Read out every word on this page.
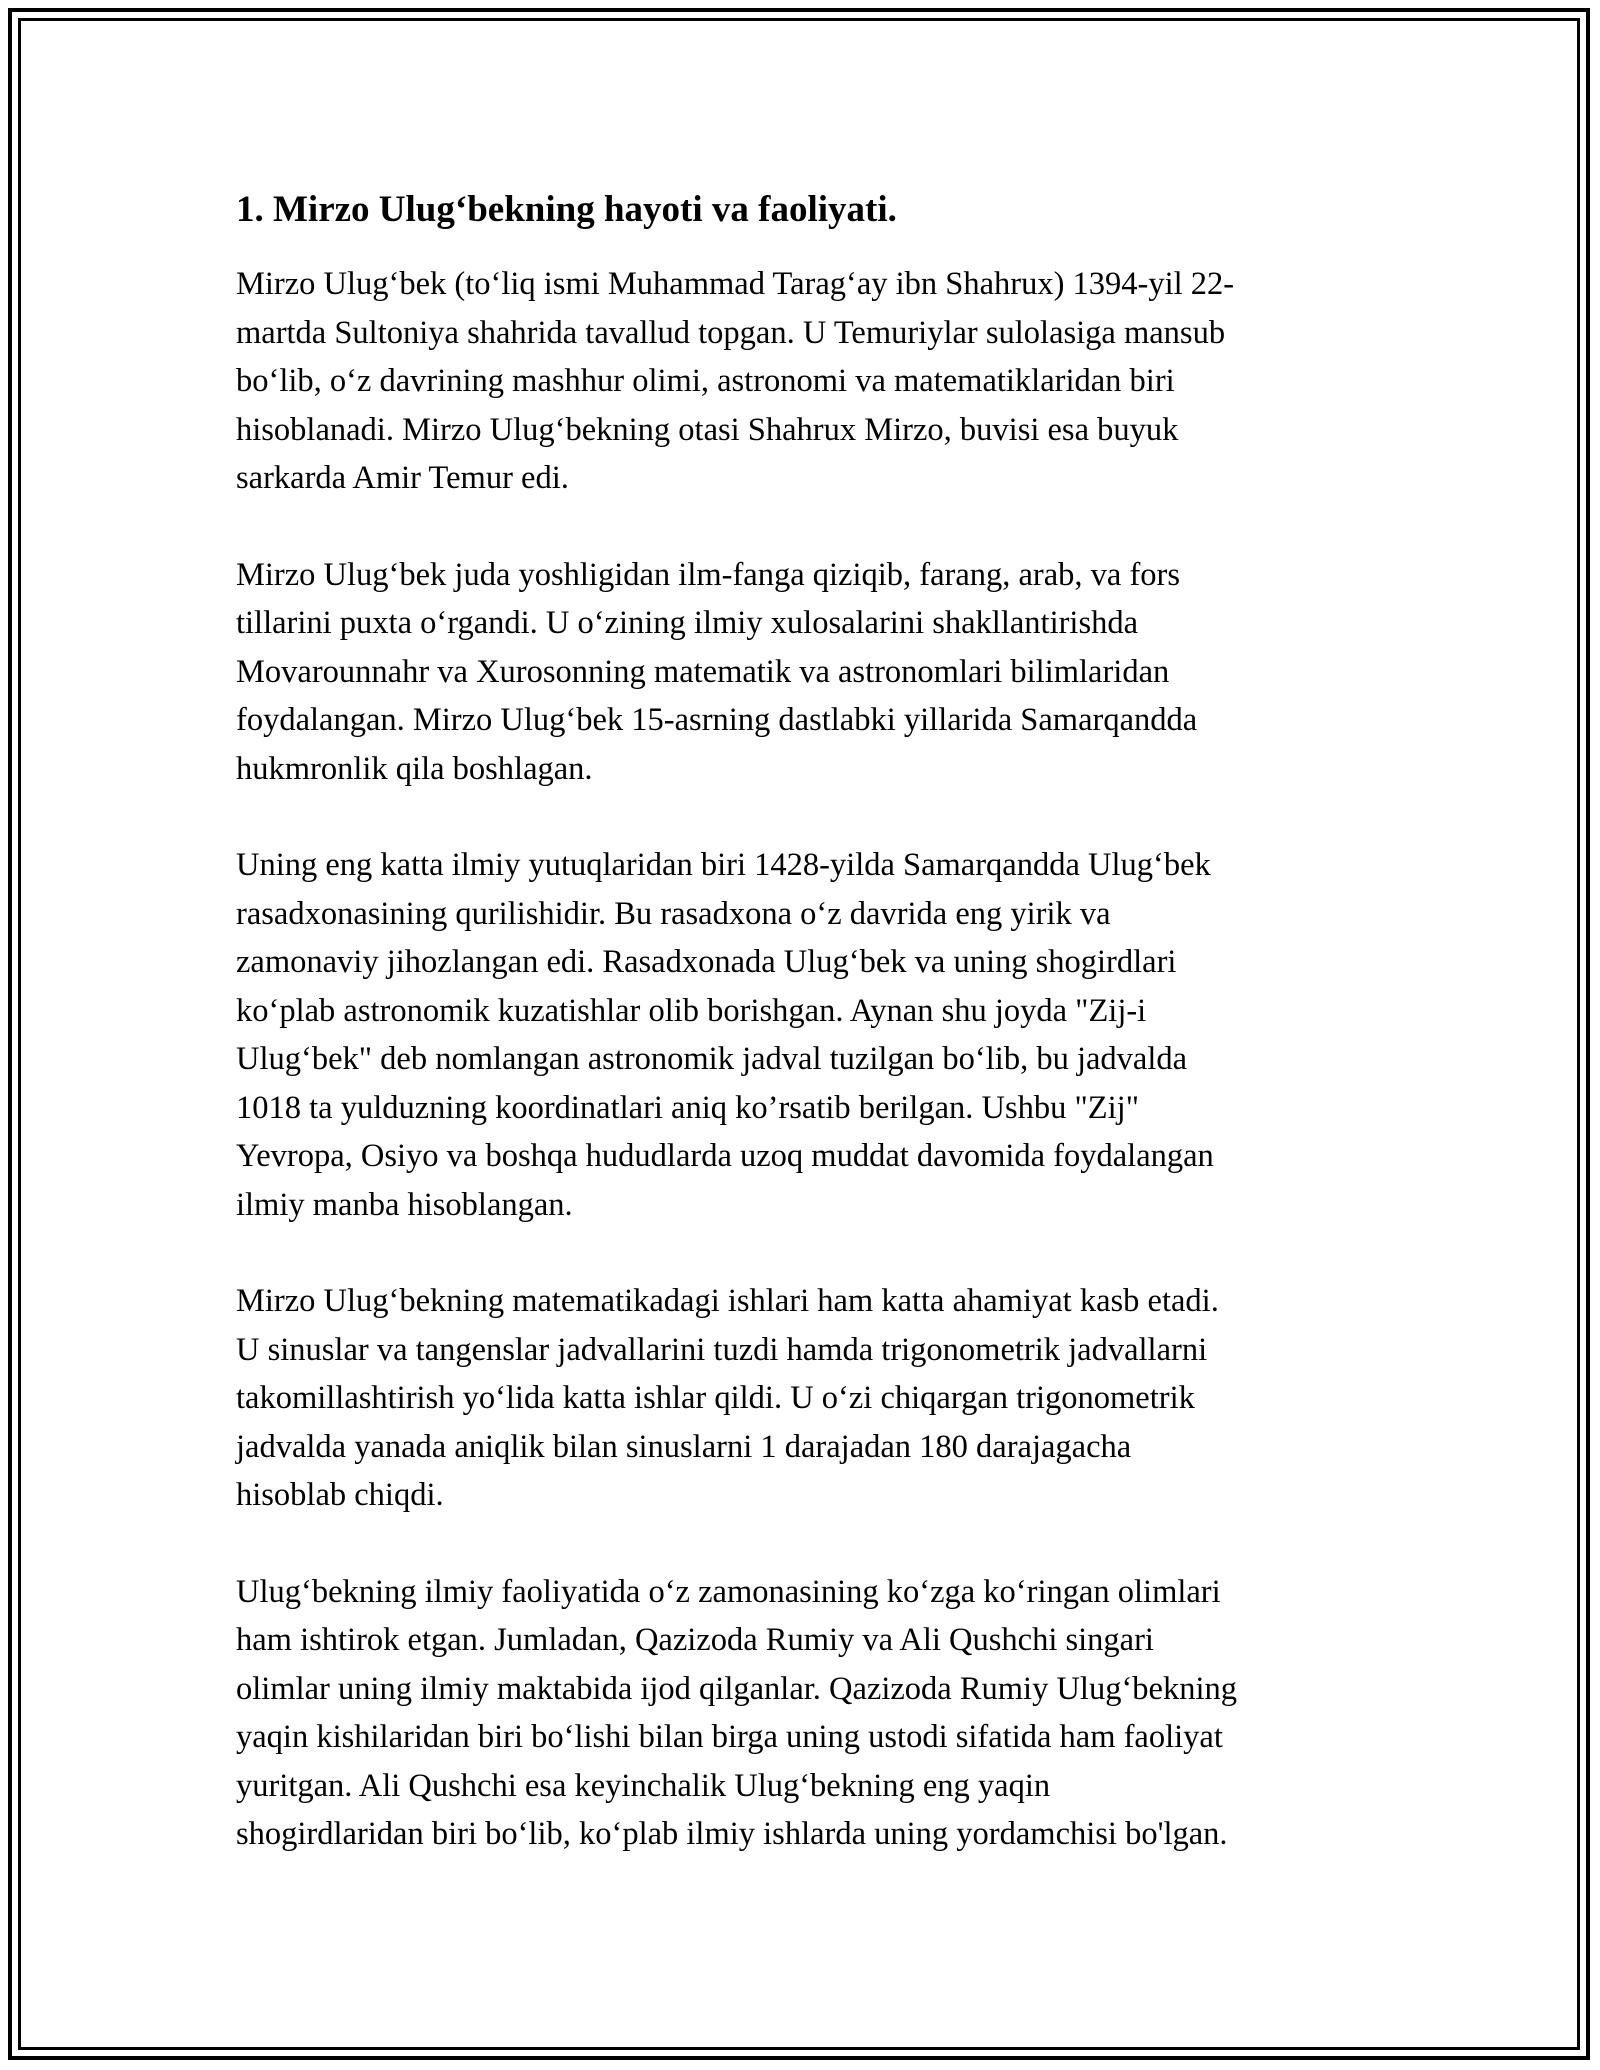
1. Mirzo Ulug‘bekning hayoti va faoliyati.

Mirzo Ulug‘bek (to‘liq ismi Muhammad Tarag‘ay ibn Shahrux) 1394-yil 22-
martda Sultoniya shahrida tavallud topgan. U Temuriylar sulolasiga mansub
bo‘lib, o‘z davrining mashhur olimi, astronomi va matematiklaridan biri
hisoblanadi. Mirzo Ulug‘bekning otasi Shahrux Mirzo, buvisi esa buyuk
sarkarda Amir Temur edi.

Mirzo Ulug‘bek juda yoshligidan ilm-fanga qiziqib, farang, arab, va fors
tillarini puxta o‘rgandi. U o‘zining ilmiy xulosalarini shakllantirishda
Movarounnahr va Xurosonning matematik va astronomlari bilimlaridan
foydalangan. Mirzo Ulug‘bek 15-asrning dastlabki yillarida Samarqandda
hukmronlik qila boshlagan.

Uning eng katta ilmiy yutuqlaridan biri 1428-yilda Samarqandda Ulug‘bek
rasadxonasining qurilishidir. Bu rasadxona o‘z davrida eng yirik va
zamonaviy jihozlangan edi. Rasadxonada Ulug‘bek va uning shogirdlari
ko‘plab astronomik kuzatishlar olib borishgan. Aynan shu joyda "Zij-i
Ulug‘bek" deb nomlangan astronomik jadval tuzilgan bo‘lib, bu jadvalda
1018 ta yulduzning koordinatlari aniq ko’rsatib berilgan. Ushbu "Zij"
Yevropa, Osiyo va boshqa hududlarda uzoq muddat davomida foydalangan
ilmiy manba hisoblangan.

Mirzo Ulug‘bekning matematikadagi ishlari ham katta ahamiyat kasb etadi.
U sinuslar va tangenslar jadvallarini tuzdi hamda trigonometrik jadvallarni
takomillashtirish yo‘lida katta ishlar qildi. U o‘zi chiqargan trigonometrik
jadvalda yanada aniqlik bilan sinuslarni 1 darajadan 180 darajagacha
hisoblab chiqdi.

Ulug‘bekning ilmiy faoliyatida o‘z zamonasining ko‘zga ko‘ringan olimlari
ham ishtirok etgan. Jumladan, Qazizoda Rumiy va Ali Qushchi singari
olimlar uning ilmiy maktabida ijod qilganlar. Qazizoda Rumiy Ulug‘bekning
yaqin kishilaridan biri bo‘lishi bilan birga uning ustodi sifatida ham faoliyat
yuritgan. Ali Qushchi esa keyinchalik Ulug‘bekning eng yaqin
shogirdlaridan biri bo‘lib, ko‘plab ilmiy ishlarda uning yordamchisi bo'lgan.
